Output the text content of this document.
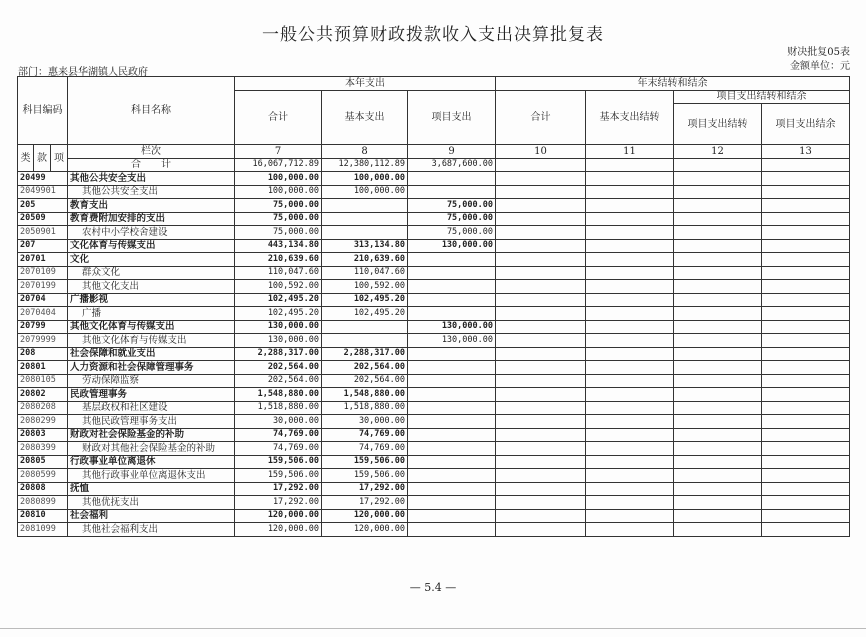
一般公共预算财政拨款收入支出决算批复表
财决批复05表
金额单位：元
部门：惠来县华湖镇人民政府
科目编码			科目名称	本年支出			年末结转和结余			
				合计	基本支出	项目支出	合计	基本支出结转	项目支出结转和结余	
									项目支出结转	项目支出结余
类	款	项	栏次	7	8	9	10	11	12	13
			合　　计	16,067,712.89	12,380,112.89	3,687,600.00				
20499			其他公共安全支出	100,000.00	100,000.00					
2049901			其他公共安全支出	100,000.00	100,000.00					
205			教育支出	75,000.00		75,000.00				
20509			教育费附加安排的支出	75,000.00		75,000.00				
2050901			农村中小学校舍建设	75,000.00		75,000.00				
207			文化体育与传媒支出	443,134.80	313,134.80	130,000.00				
20701			文化	210,639.60	210,639.60					
2070109			群众文化	110,047.60	110,047.60					
2070199			其他文化支出	100,592.00	100,592.00					
20704			广播影视	102,495.20	102,495.20					
2070404			广播	102,495.20	102,495.20					
20799			其他文化体育与传媒支出	130,000.00		130,000.00				
2079999			其他文化体育与传媒支出	130,000.00		130,000.00				
208			社会保障和就业支出	2,288,317.00	2,288,317.00					
20801			人力资源和社会保障管理事务	202,564.00	202,564.00					
2080105			劳动保障监察	202,564.00	202,564.00					
20802			民政管理事务	1,548,880.00	1,548,880.00					
2080208			基层政权和社区建设	1,518,880.00	1,518,880.00					
2080299			其他民政管理事务支出	30,000.00	30,000.00					
20803			财政对社会保险基金的补助	74,769.00	74,769.00					
2080399			财政对其他社会保险基金的补助	74,769.00	74,769.00					
20805			行政事业单位离退休	159,506.00	159,506.00					
2080599			其他行政事业单位离退休支出	159,506.00	159,506.00					
20808			抚恤	17,292.00	17,292.00					
2080899			其他优抚支出	17,292.00	17,292.00					
20810			社会福利	120,000.00	120,000.00					
2081099			其他社会福利支出	120,000.00	120,000.00					
— 5.4 —
